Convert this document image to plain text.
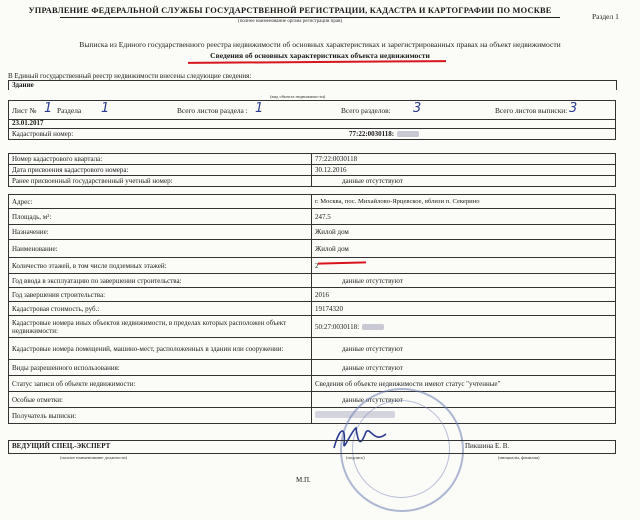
УПРАВЛЕНИЕ ФЕДЕРАЛЬНОЙ СЛУЖБЫ ГОСУДАРСТВЕННОЙ РЕГИСТРАЦИИ, КАДАСТРА И КАРТОГРАФИИ ПО МОСКВЕ
(полное наименование органа регистрации прав)
Раздел 1
Выписка из Единого государственного реестра недвижимости об основных характеристиках и зарегистрированных правах на объект недвижимости
Сведения об основных характеристиках объекта недвижимости
В Единый государственный реестр недвижимости внесены следующие сведения:
Здание
(вид объекта недвижимости)
Лист № 1 Раздела 1	Всего листов раздела : 1	Всего разделов: 3	Всего листов выписки: 3
23.01.2017
Кадастровый номер:	77:22:0030118:
Номер кадастрового квартала:	77:22:0030118
Дата присвоения кадастрового номера:	30.12.2016
Ранее присвоенный государственный учетный номер:	данные отсутствуют

Адрес:	г. Москва, пос. Михайлово-Ярцевское, вблизи п. Секерино
Площадь, м²:	247.5
Назначение:	Жилой дом
Наименование:	Жилой дом
Количество этажей, в том числе подземных этажей:	2
Год ввода в эксплуатацию по завершении строительства:	данные отсутствуют
Год завершения строительства:	2016
Кадастровая стоимость, руб.:	19174320
Кадастровые номера иных объектов недвижимости, в пределах которых расположен объект недвижимости:	50:27:0030118:
Кадастровые номера помещений, машино-мест, расположенных в здании или сооружении:	данные отсутствуют
Виды разрешенного использования:	данные отсутствуют
Статус записи об объекте недвижимости:	Сведения об объекте недвижимости имеют статус "учтенные"
Особые отметки:	данные отсутствуют
Получатель выписки:	
ВЕДУЩИЙ СПЕЦ.-ЭКСПЕРТ	Пикшина Е. В.
(полное наименование должности)	(подпись)	(инициалы, фамилия)
М.П.
